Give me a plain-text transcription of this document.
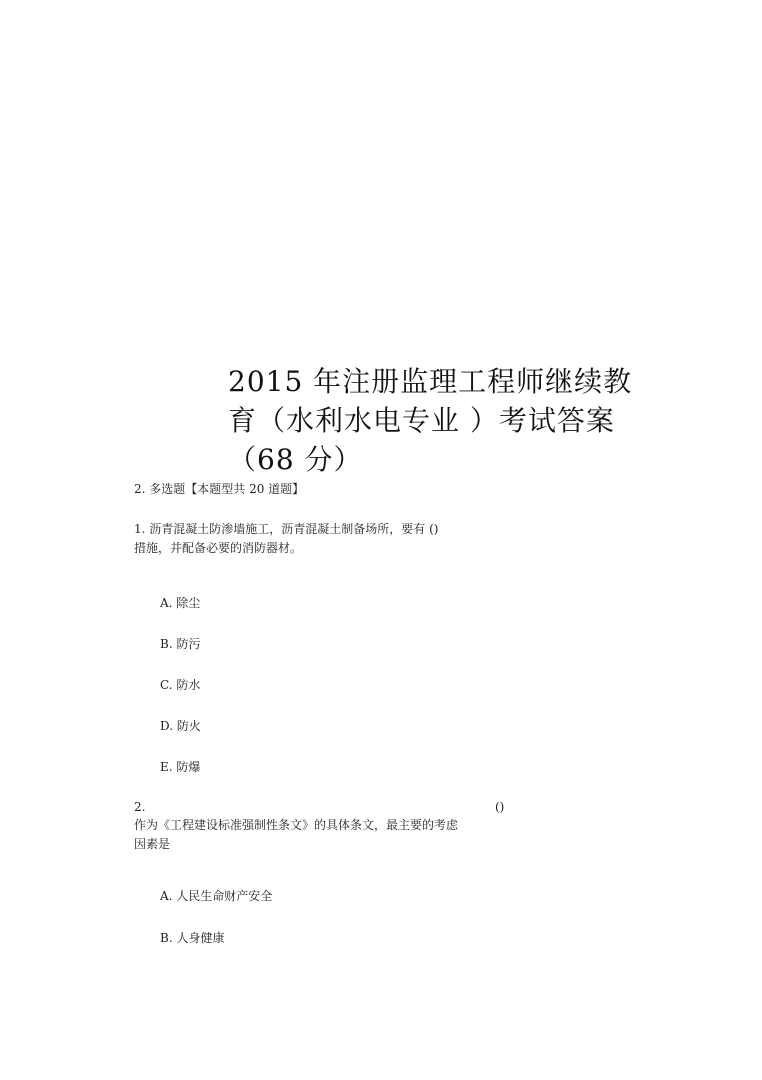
2015 年注册监理工程师继续教
育（水利水电专业 ）考试答案
（68 分）
2. 多选题【本题型共 20 道题】
1. 沥青混凝土防渗墙施工，沥青混凝土制备场所，要有 ()
措施，并配备必要的消防器材。
A. 除尘
B. 防污
C. 防水
D. 防火
E. 防爆
2.	()
作为《工程建设标准强制性条文》的具体条文，最主要的考虑
因素是
A. 人民生命财产安全
B. 人身健康
